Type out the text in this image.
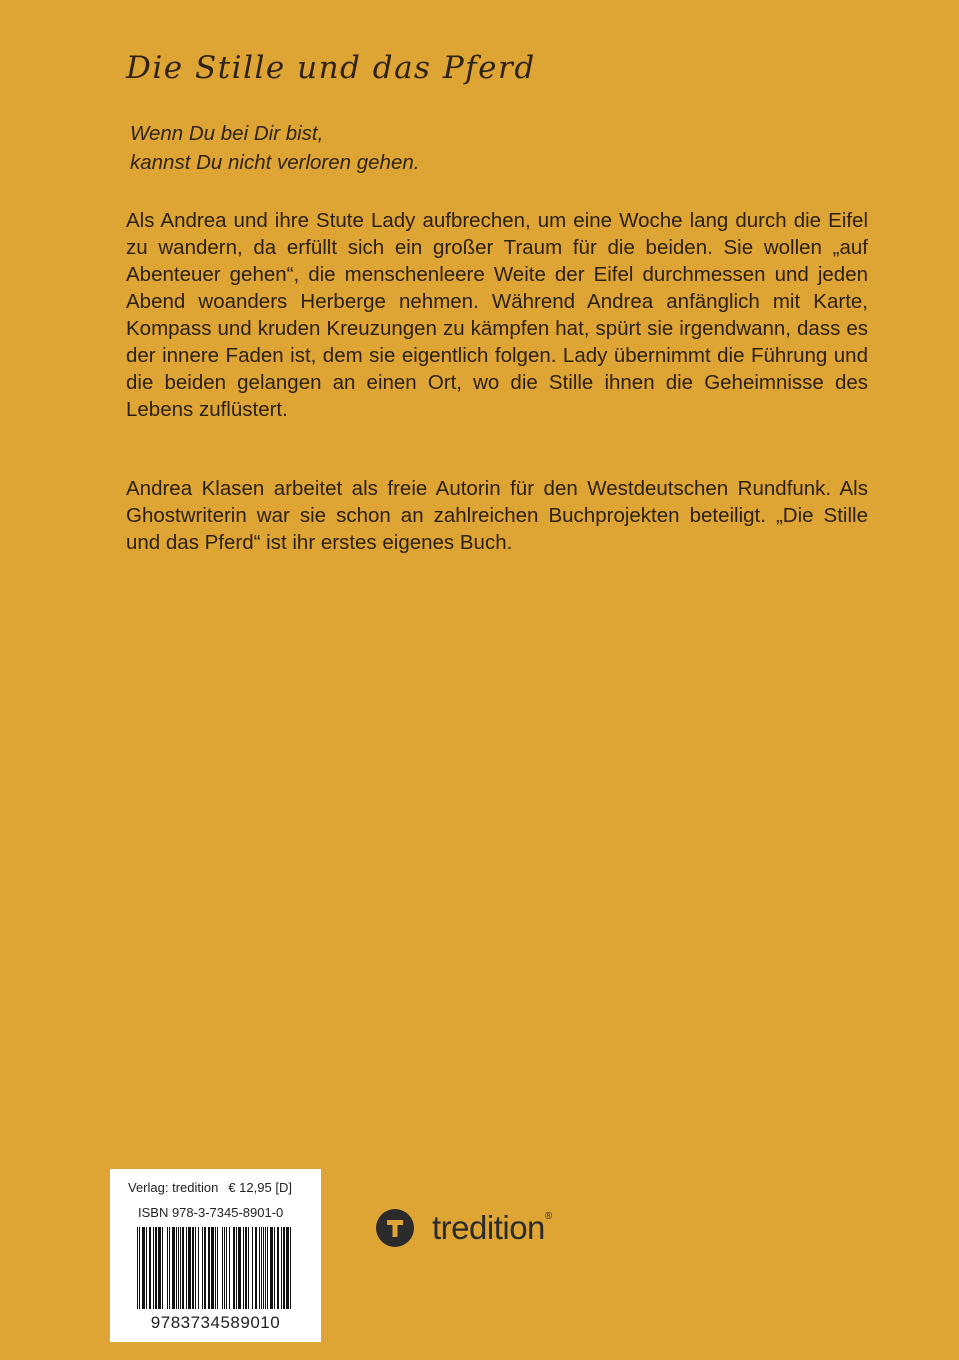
Die Stille und das Pferd
Wenn Du bei Dir bist,
kannst Du nicht verloren gehen.

Als Andrea und ihre Stute Lady aufbrechen, um eine Woche lang durch die Eifel zu wandern, da erfüllt sich ein großer Traum für die beiden. Sie wollen „auf Abenteuer gehen“, die menschenleere Weite der Eifel durchmessen und jeden Abend woanders Herberge nehmen. Während Andrea anfänglich mit Karte, Kompass und kruden Kreuzungen zu kämpfen hat, spürt sie irgendwann, dass es der innere Faden ist, dem sie eigentlich folgen. Lady übernimmt die Führung und die beiden gelangen an einen Ort, wo die Stille ihnen die Geheimnisse des Lebens zuflüstert.

Andrea Klasen arbeitet als freie Autorin für den Westdeutschen Rundfunk. Als Ghostwriterin war sie schon an zahlreichen Buchprojekten beteiligt. „Die Stille und das Pferd“ ist ihr erstes eigenes Buch.

Verlag: tredition € 12,95 [D]
ISBN 978-3-7345-8901-0
9783734589010
tredition®
